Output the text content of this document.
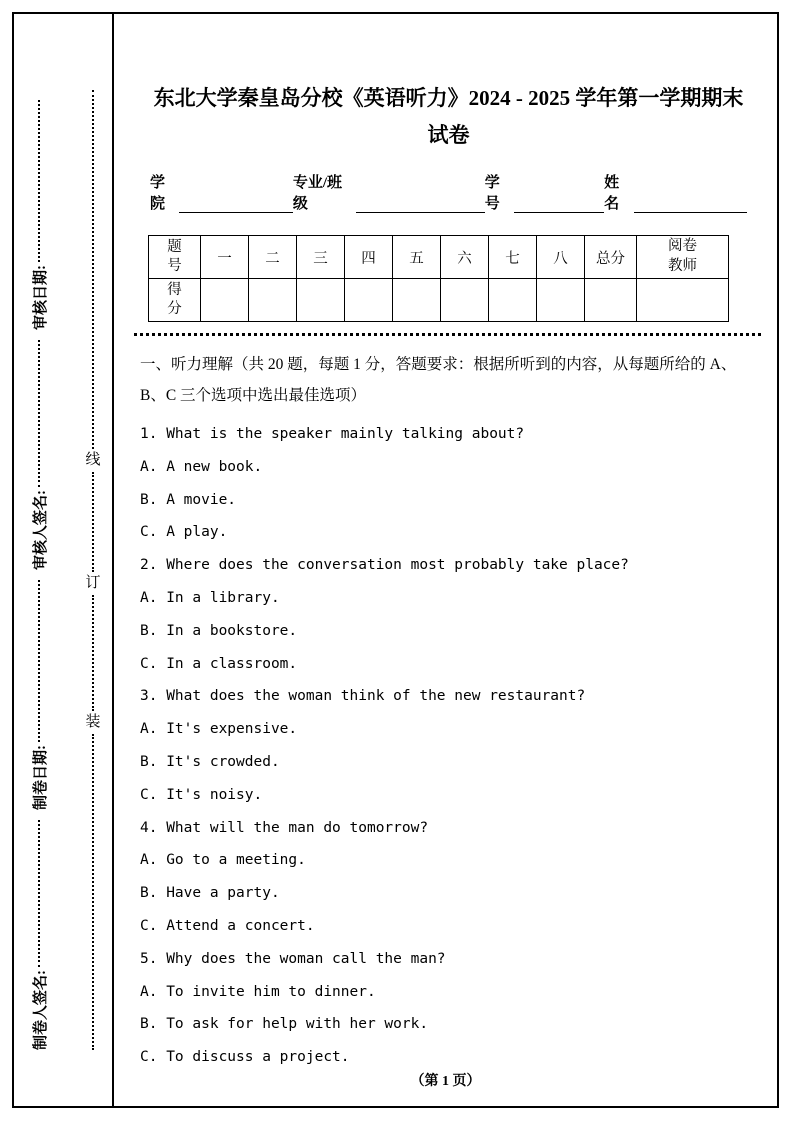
制卷人签名:
制卷日期:
审核人签名:
审核日期:
线
订
装
东北大学秦皇岛分校《英语听力》2024 - 2025 学年第一学期期末
试卷
学院
专业/班级
学号
姓名
题号	一	二	三	四	五	六	七	八	总分	阅卷教师
得分										
一、听力理解（共 20 题，每题 1 分，答题要求：根据所听到的内容，从每题所给的 A、B、C 三个选项中选出最佳选项）
1. What is the speaker mainly talking about?
A. A new book.
B. A movie.
C. A play.
2. Where does the conversation most probably take place?
A. In a library.
B. In a bookstore.
C. In a classroom.
3. What does the woman think of the new restaurant?
A. It's expensive.
B. It's crowded.
C. It's noisy.
4. What will the man do tomorrow?
A. Go to a meeting.
B. Have a party.
C. Attend a concert.
5. Why does the woman call the man?
A. To invite him to dinner.
B. To ask for help with her work.
C. To discuss a project.
（第 1 页）
